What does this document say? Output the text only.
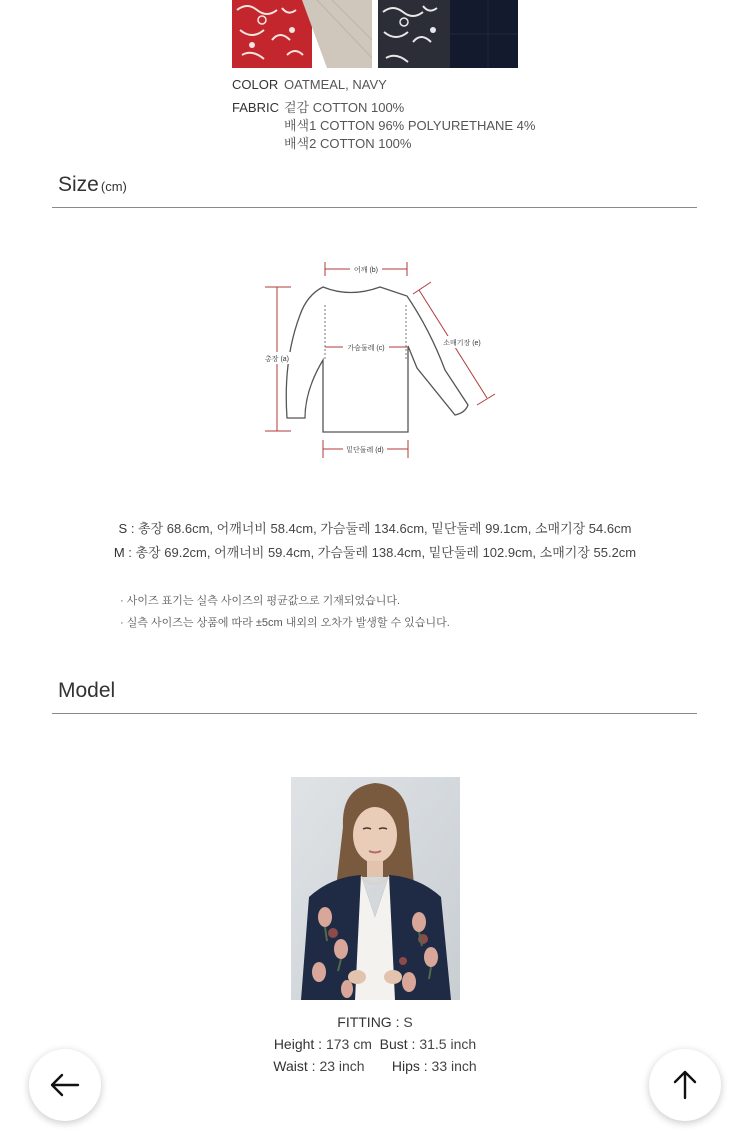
COLOR OATMEAL, NAVY
FABRIC 겉감 COTTON 100%
배색1 COTTON 96% POLYURETHANE 4%
배색2 COTTON 100%
Size (cm)
어깨 (b)
가슴둘레 (c)
총장 (a)
소매기장 (e)
밑단둘레 (d)
S : 총장 68.6cm, 어깨너비 58.4cm, 가슴둘레 134.6cm, 밑단둘레 99.1cm, 소매기장 54.6cm
M : 총장 69.2cm, 어깨너비 59.4cm, 가슴둘레 138.4cm, 밑단둘레 102.9cm, 소매기장 55.2cm
· 사이즈 표기는 실측 사이즈의 평균값으로 기재되었습니다.
· 실측 사이즈는 상품에 따라 ±5cm 내외의 오차가 발생할 수 있습니다.
Model
FITTING : S
Height : 173 cm Bust : 31.5 inch
Waist : 23 inch Hips : 33 inch
